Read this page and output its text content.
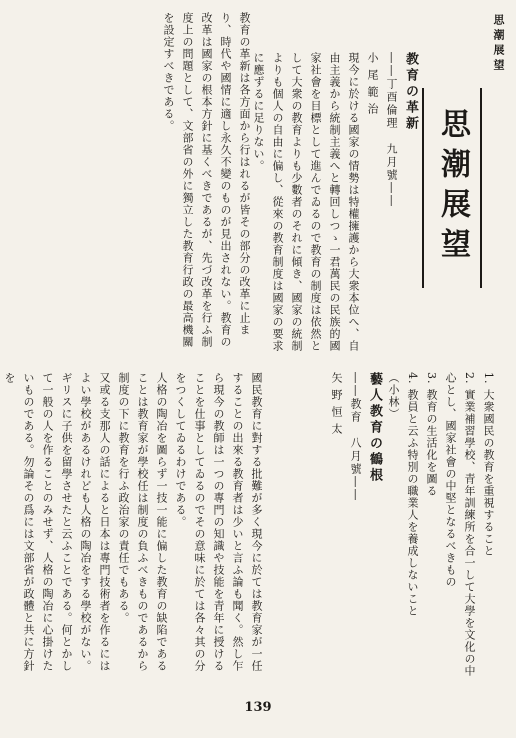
思潮展望
思潮展望

教育の革新

――丁酉倫理　九月號――

小尾範治

現今に於ける國家の情勢は特權擁護から大衆本位へ、自由主義から統制主義へと轉回しつゝ一君萬民の民族的國家社會を目標として進んでゐるので教育の制度は依然として大衆の教育よりも少數者のそれに傾き、國家の統制よりも個人の自由に偏し、從來の教育制度は國家の要求に應ずるに足りない。

教育の革新は各方面から行はれるが皆その部分の改革に止まり、時代や國情に適し永久不變のものが見出されない。教育の改革は國家の根本方針に基くべきであるが、先づ改革を行ふ制度上の問題として、文部省の外に獨立した教育行政の最高機關を設定すべきである。

1. 大衆國民の教育を重視すること

2. 實業補習學校、青年訓練所を合一して大學を文化の中心とし、國家社會の中堅となるべきもの

3. 教育の生活化を圖る

4. 教員と云ふ特別の職業人を養成しないこと

（小林）

藝人教育の鶴根

――教育　八月號――

矢野恒太

國民教育に對する批難が多く現今に於ては教育家が一任することの出來る教育者は少いと言ふ論も聞く。然し乍ら現今の教師は一つの專門の知識や技能を青年に授けることを仕事としてゐるのでその意味に於ては各々其の分をつくしてゐるわけである。

人格の陶冶を圖らず一技一能に偏した教育の缺陷であることは教育家が學校任は制度の負ふべきものであるから制度の下に教育を行ふ政治家の責任でもある。

又或る支那人の話によると日本は專門技術者を作るにはよい學校があるけれども人格の陶冶をする學校がない。ギリスに子供を留學させたと云ふことである。何とかして一般の人を作ることのみせず、人格の陶冶に心掛けたいものである。勿論その爲には文部省が政體と共に方針を

139
